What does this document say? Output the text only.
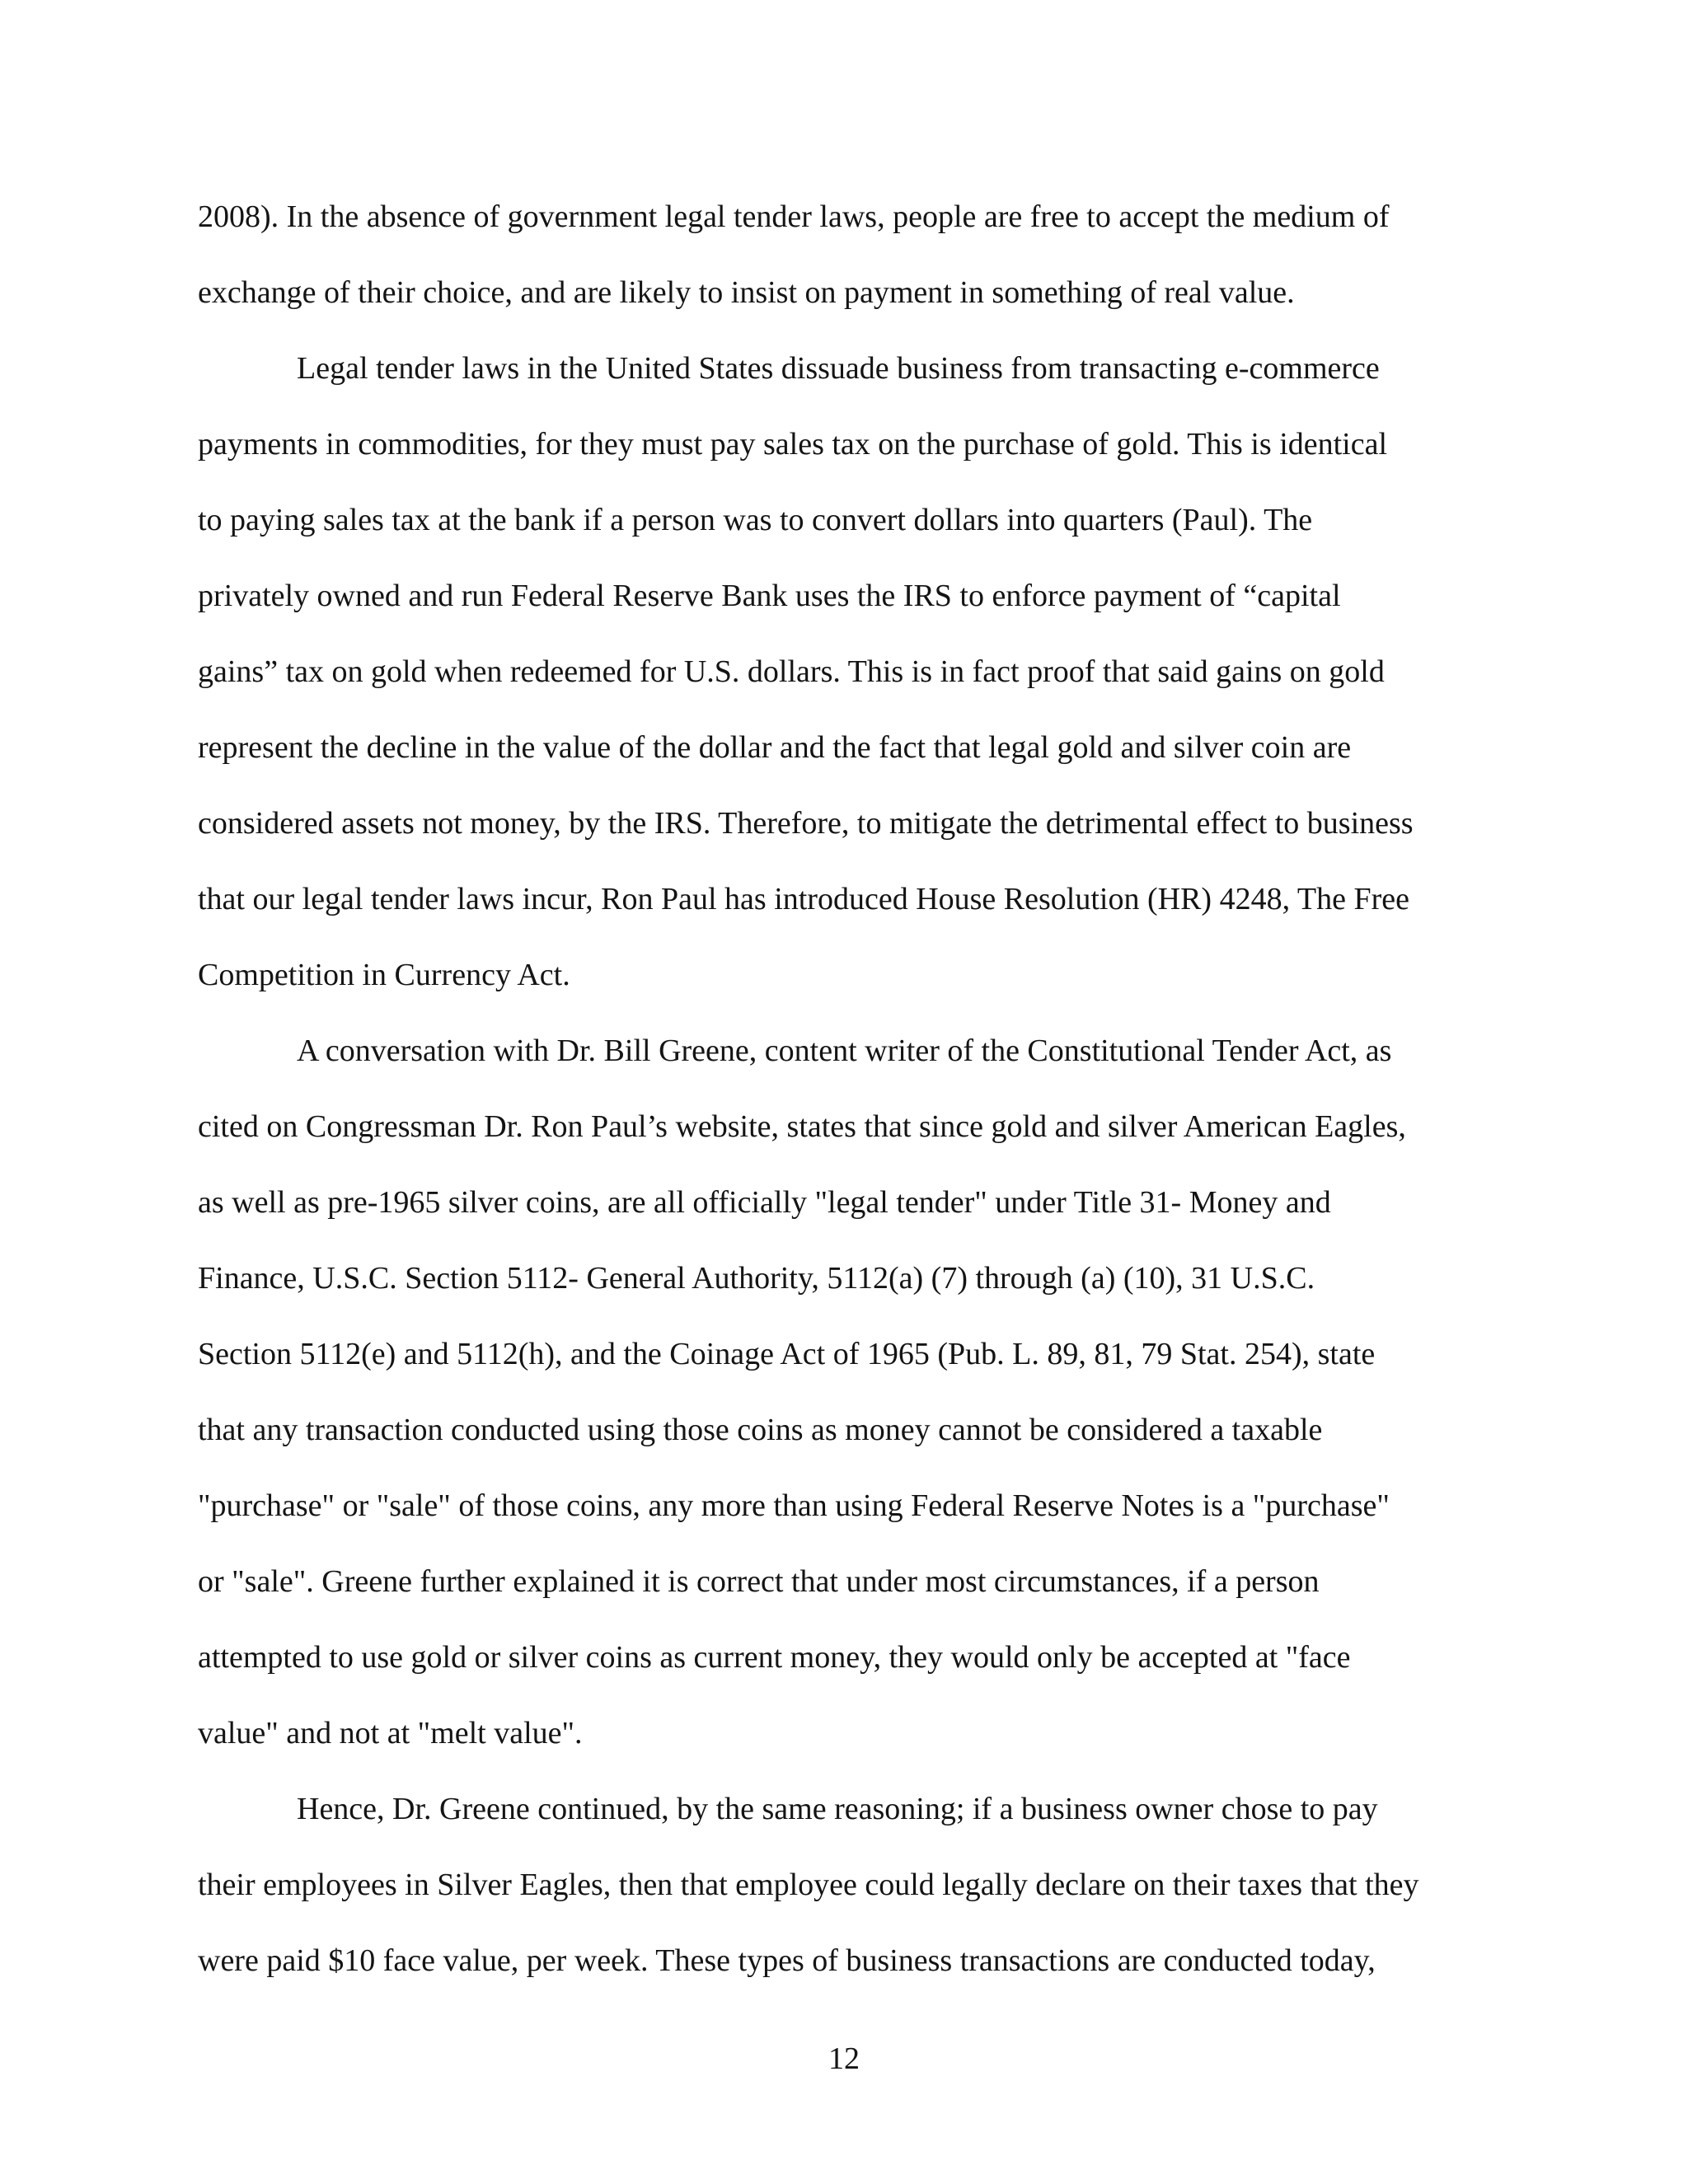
2008). In the absence of government legal tender laws, people are free to accept the medium of
exchange of their choice, and are likely to insist on payment in something of real value.
Legal tender laws in the United States dissuade business from transacting e-commerce
payments in commodities, for they must pay sales tax on the purchase of gold. This is identical
to paying sales tax at the bank if a person was to convert dollars into quarters (Paul). The
privately owned and run Federal Reserve Bank uses the IRS to enforce payment of “capital
gains” tax on gold when redeemed for U.S. dollars. This is in fact proof that said gains on gold
represent the decline in the value of the dollar and the fact that legal gold and silver coin are
considered assets not money, by the IRS. Therefore, to mitigate the detrimental effect to business
that our legal tender laws incur, Ron Paul has introduced House Resolution (HR) 4248, The Free
Competition in Currency Act.
A conversation with Dr. Bill Greene, content writer of the Constitutional Tender Act, as
cited on Congressman Dr. Ron Paul’s website, states that since gold and silver American Eagles,
as well as pre-1965 silver coins, are all officially "legal tender" under Title 31- Money and
Finance, U.S.C. Section 5112- General Authority, 5112(a) (7) through (a) (10), 31 U.S.C.
Section 5112(e) and 5112(h), and the Coinage Act of 1965 (Pub. L. 89, 81, 79 Stat. 254), state
that any transaction conducted using those coins as money cannot be considered a taxable
"purchase" or "sale" of those coins, any more than using Federal Reserve Notes is a "purchase"
or "sale". Greene further explained it is correct that under most circumstances, if a person
attempted to use gold or silver coins as current money, they would only be accepted at "face
value" and not at "melt value".
Hence, Dr. Greene continued, by the same reasoning; if a business owner chose to pay
their employees in Silver Eagles, then that employee could legally declare on their taxes that they
were paid $10 face value, per week. These types of business transactions are conducted today,
12
